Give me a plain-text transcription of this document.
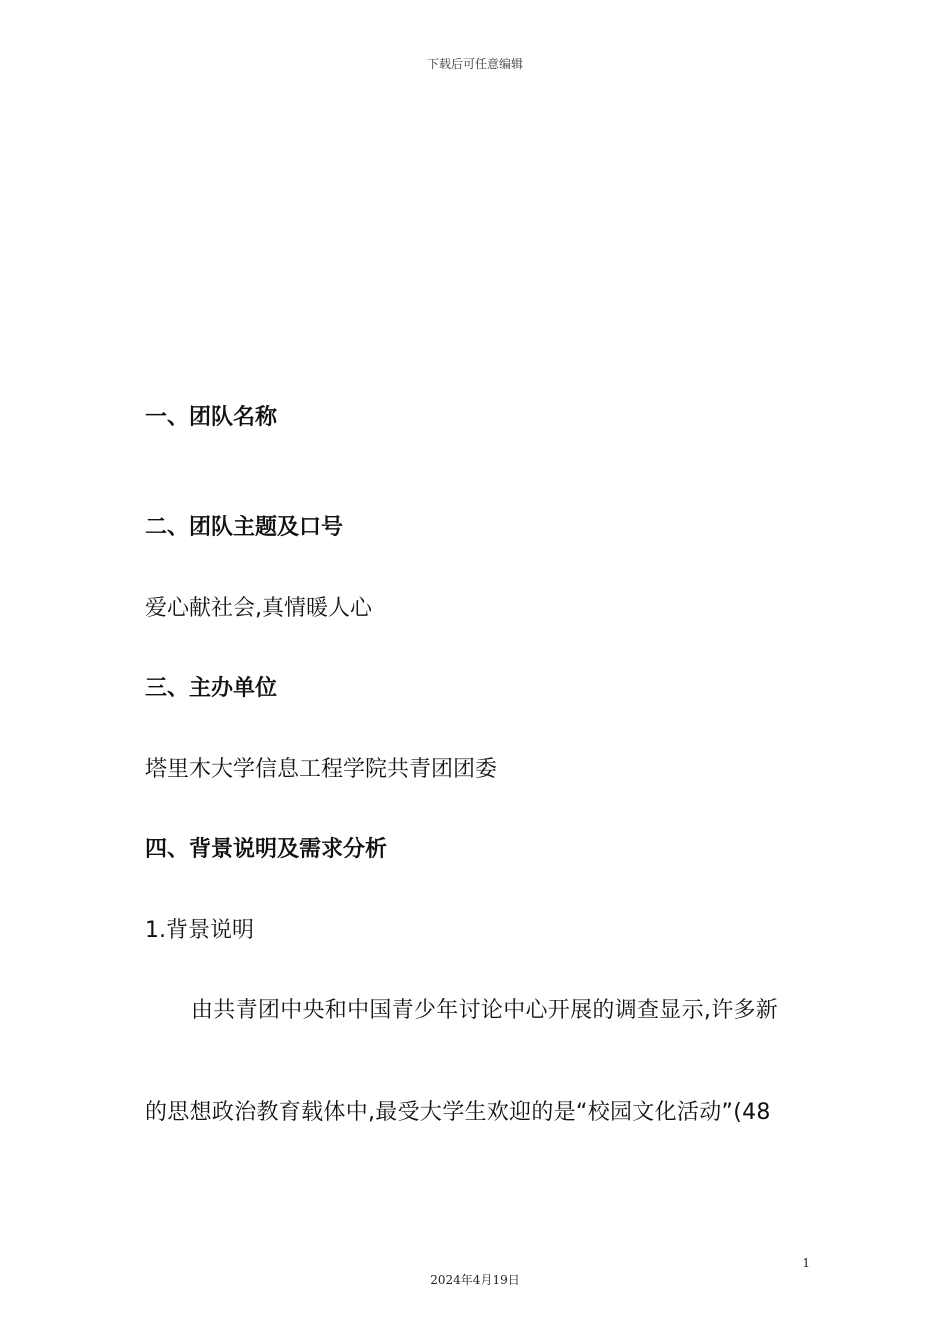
下载后可任意编辑
一、团队名称
二、团队主题及口号
爱心献社会,真情暖人心
三、主办单位
塔里木大学信息工程学院共青团团委
四、背景说明及需求分析
1.背景说明
由共青团中央和中国青少年讨论中心开展的调查显示,许多新
的思想政治教育载体中,最受大学生欢迎的是“校园文化活动”(48
1
2024年4月19日
